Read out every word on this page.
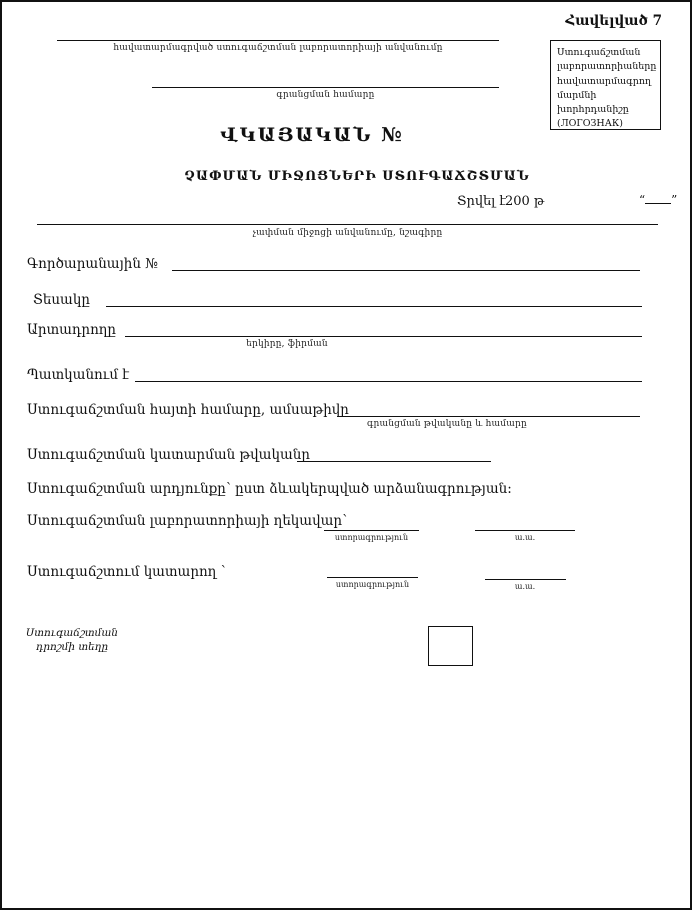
Հավելված 7
հավատարմագրված ստուգաճշտման լաբորատորիայի անվանումը
գրանցման համարը
Ստուգաճշտման լաբորատորիաները հավատարմագրող մարմնի խորհրդանիշը (ЛОГОЗНАК)
ՎԿԱՅԱԿԱՆ №
ՉԱՓՄԱՆ ՄԻՋՈՑՆԵՐԻ ՍՏՈՒԳԱՃՇՏՄԱՆ
Տրվել է 200 թ	“ ”
չափման միջոցի անվանումը, նշագիրը
Գործարանային №
Տեսակը
Արտադրողը
երկիրը, ֆիրման
Պատկանում է
Ստուգաճշտման հայտի համարը, ամսաթիվը
գրանցման թվականը և համարը
Ստուգաճշտման կատարման թվականը
Ստուգաճշտման արդյունքը՝ ըստ ձևակերպված արձանագրության:
Ստուգաճշտման լաբորատորիայի ղեկավար՝
ստորագրություն	ա.ա.
Ստուգաճշտում կատարող ՝
ստորագրություն	ա.ա.
Ստուգաճշտման
դրոշմի տեղը
